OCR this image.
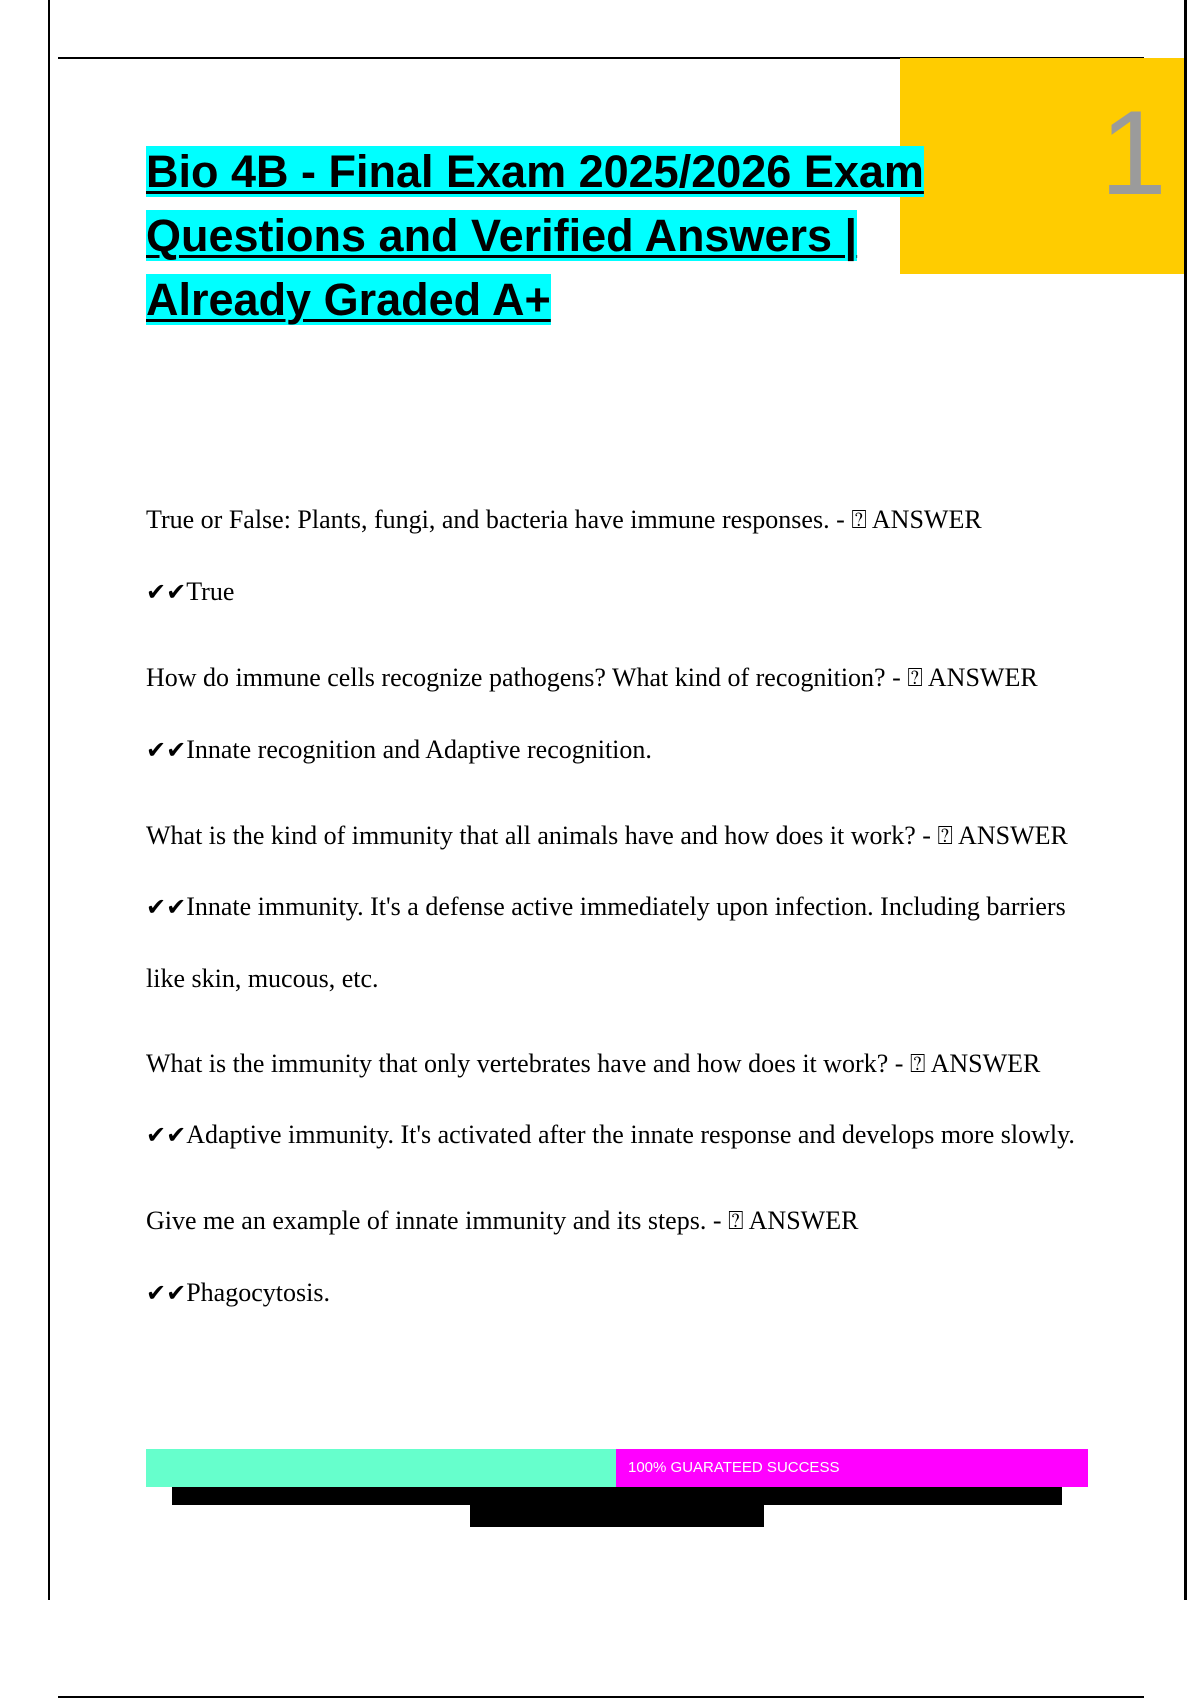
1
Bio 4B - Final Exam 2025/2026 Exam Questions and Verified Answers | Already Graded A+

True or False: Plants, fungi, and bacteria have immune responses. - ⍰ ANSWER
✔✔True

How do immune cells recognize pathogens? What kind of recognition? - ⍰ ANSWER ✔✔Innate recognition and Adaptive recognition.

What is the kind of immunity that all animals have and how does it work? - ⍰ ANSWER ✔✔Innate immunity. It's a defense active immediately upon infection. Including barriers like skin, mucous, etc.

What is the immunity that only vertebrates have and how does it work? - ⍰ ANSWER ✔✔Adaptive immunity. It's activated after the innate response and develops more slowly.

Give me an example of innate immunity and its steps. - ⍰ ANSWER
✔✔Phagocytosis.

100% GUARATEED SUCCESS
